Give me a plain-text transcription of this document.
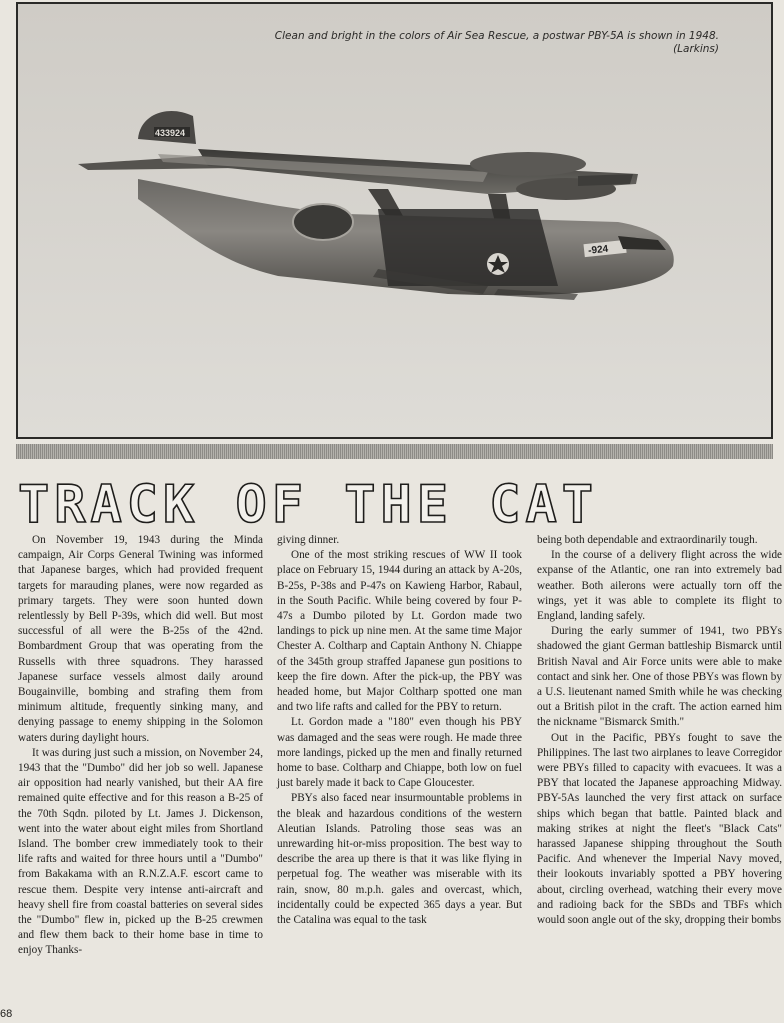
433924
-924
Clean and bright in the colors of Air Sea Rescue, a postwar PBY-5A is shown in 1948.
(Larkins)
TRACK OF THE CAT

On November 19, 1943 during the Minda campaign, Air Corps General Twining was informed that Japanese barges, which had provided frequent targets for marauding planes, were now regarded as primary targets. They were soon hunted down relentlessly by Bell P-39s, which did well. But most successful of all were the B-25s of the 42nd. Bombardment Group that was operating from the Russells with three squadrons. They harassed Japanese surface vessels almost daily around Bougainville, bombing and strafing them from minimum altitude, frequently sinking many, and denying passage to enemy shipping in the Solomon waters during daylight hours.

It was during just such a mission, on November 24, 1943 that the "Dumbo" did her job so well. Japanese air opposition had nearly vanished, but their AA fire remained quite effective and for this reason a B-25 of the 70th Sqdn. piloted by Lt. James J. Dickenson, went into the water about eight miles from Shortland Island. The bomber crew immediately took to their life rafts and waited for three hours until a "Dumbo" from Bakakama with an R.N.Z.A.F. escort came to rescue them. Despite very intense anti-aircraft and heavy shell fire from coastal batteries on several sides the "Dumbo" flew in, picked up the B-25 crewmen and flew them back to their home base in time to enjoy Thanks-

giving dinner.

One of the most striking rescues of WW II took place on February 15, 1944 during an attack by A-20s, B-25s, P-38s and P-47s on Kawieng Harbor, Rabaul, in the South Pacific. While being covered by four P-47s a Dumbo piloted by Lt. Gordon made two landings to pick up nine men. At the same time Major Chester A. Coltharp and Captain Anthony N. Chiappe of the 345th group straffed Japanese gun positions to keep the fire down. After the pick-up, the PBY was headed home, but Major Coltharp spotted one man and two life rafts and called for the PBY to return.

Lt. Gordon made a "180" even though his PBY was damaged and the seas were rough. He made three more landings, picked up the men and finally returned home to base. Coltharp and Chiappe, both low on fuel just barely made it back to Cape Gloucester.

PBYs also faced near insurmountable problems in the bleak and hazardous conditions of the western Aleutian Islands. Patroling those seas was an unrewarding hit-or-miss proposition. The best way to describe the area up there is that it was like flying in perpetual fog. The weather was miserable with its rain, snow, 80 m.p.h. gales and overcast, which, incidentally could be expected 365 days a year. But the Catalina was equal to the task

being both dependable and extraordinarily tough.

In the course of a delivery flight across the wide expanse of the Atlantic, one ran into extremely bad weather. Both ailerons were actually torn off the wings, yet it was able to complete its flight to England, landing safely.

During the early summer of 1941, two PBYs shadowed the giant German battleship Bismarck until British Naval and Air Force units were able to make contact and sink her. One of those PBYs was flown by a U.S. lieutenant named Smith while he was checking out a British pilot in the craft. The action earned him the nickname "Bismarck Smith."

Out in the Pacific, PBYs fought to save the Philippines. The last two airplanes to leave Corregidor were PBYs filled to capacity with evacuees. It was a PBY that located the Japanese approaching Midway. PBY-5As launched the very first attack on surface ships which began that battle. Painted black and making strikes at night the fleet's "Black Cats" harassed Japanese shipping throughout the South Pacific. And whenever the Imperial Navy moved, their lookouts invariably spotted a PBY hovering about, circling overhead, watching their every move and radioing back for the SBDs and TBFs which would soon angle out of the sky, dropping their bombs

68
